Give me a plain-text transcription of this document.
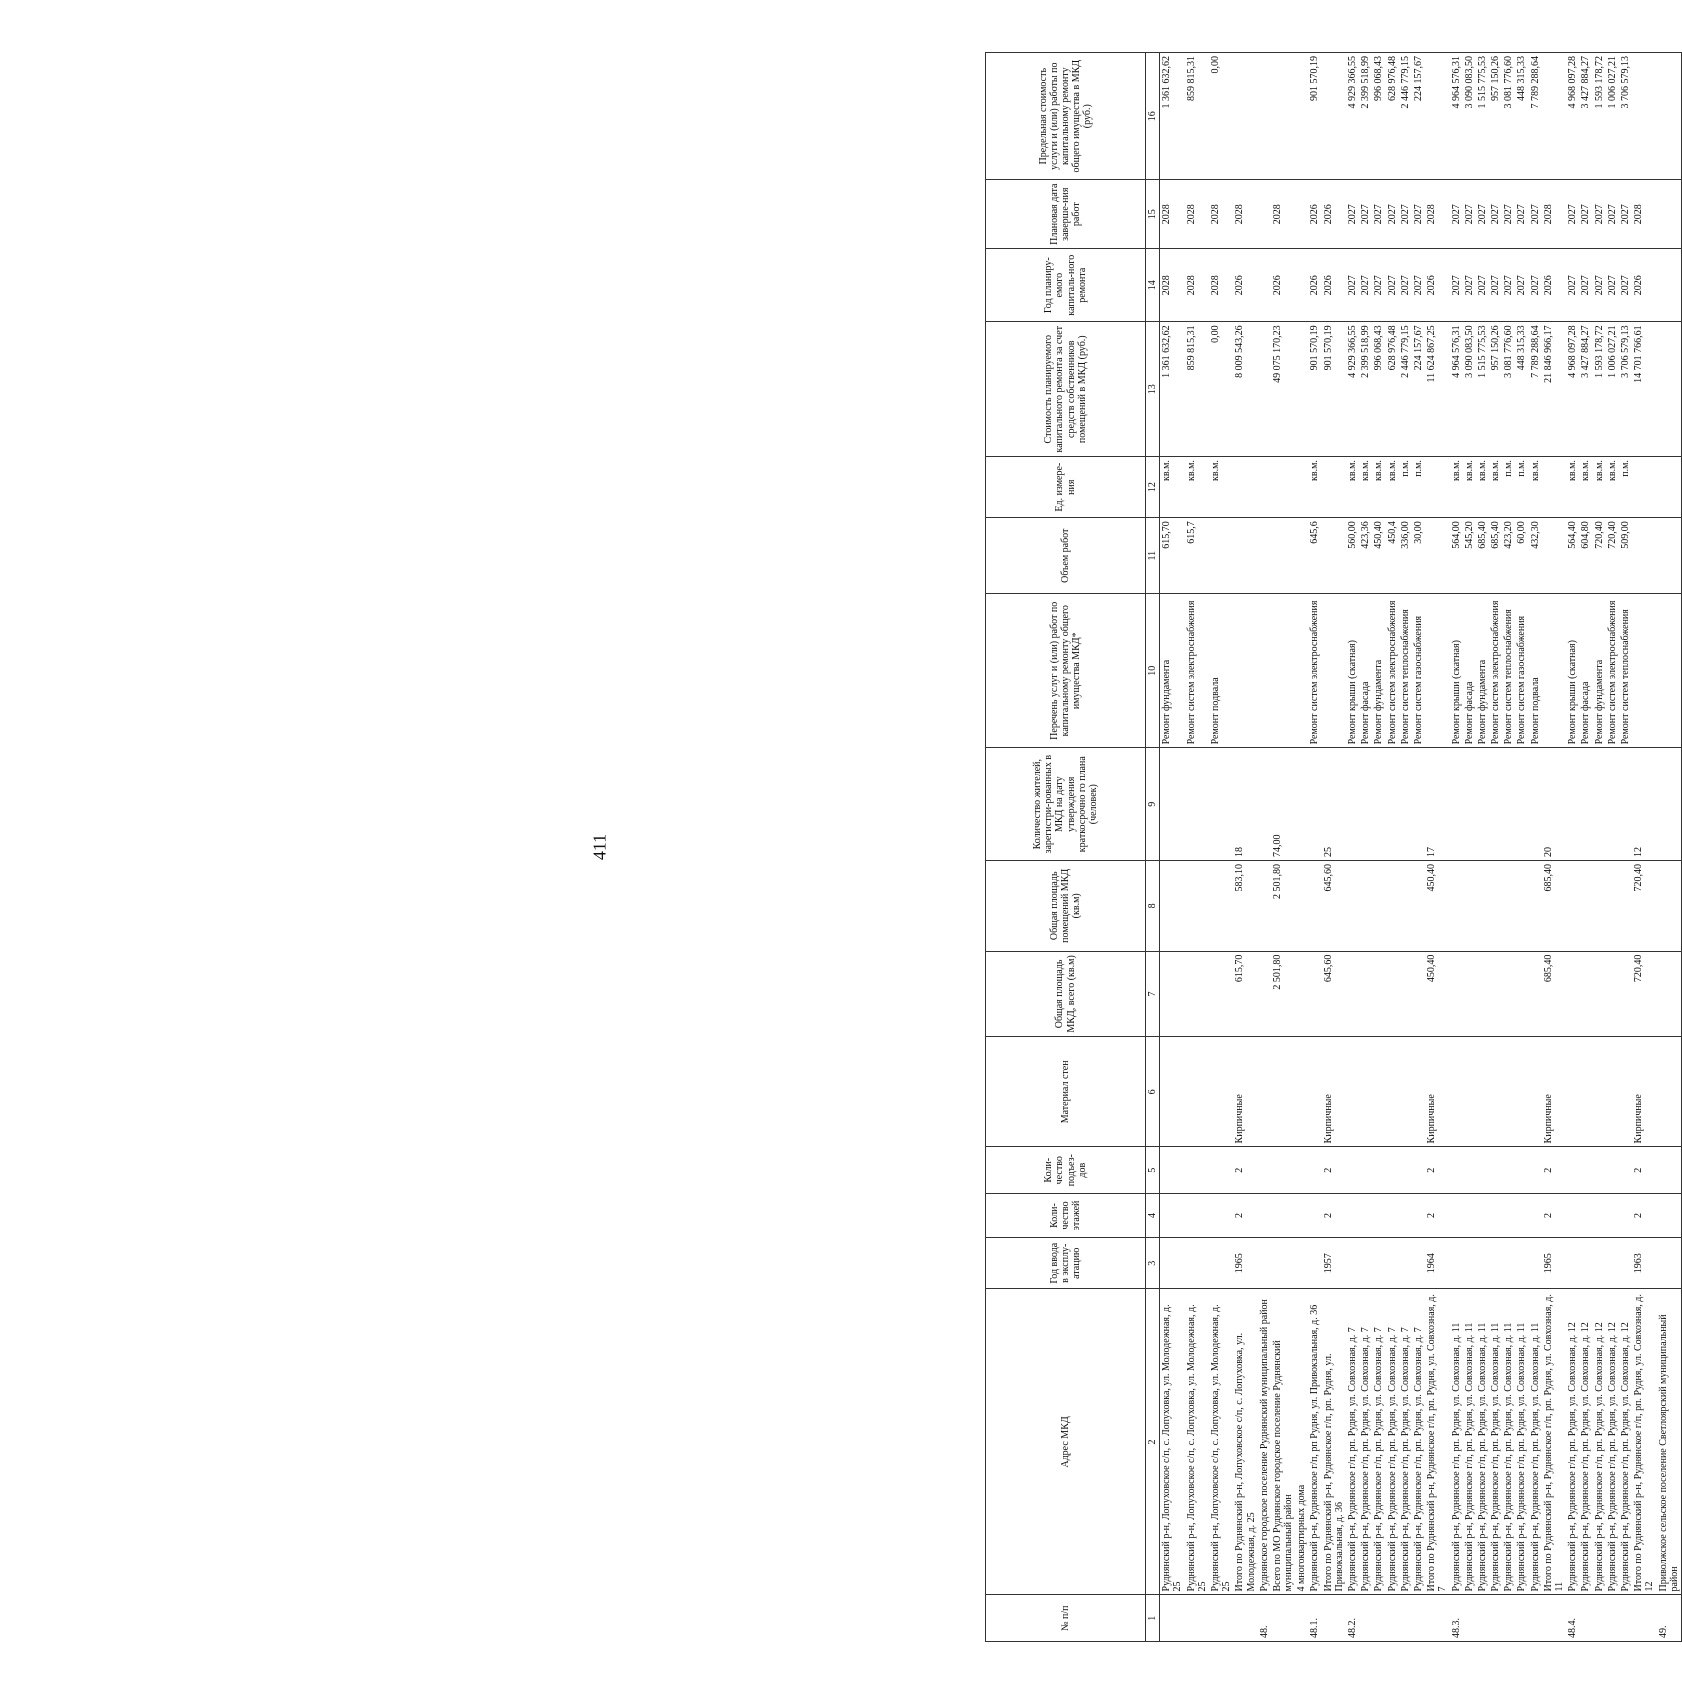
411
№ п/п	Адрес МКД	Год ввода в эксплу-атацию	Коли-чество этажей	Коли-чество подъез-дов	Материал стен	Общая площадь МКД, всего (кв.м)	Общая площадь помещений МКД (кв.м)	Количество жителей, зарегистри-рованных в МКД на дату утверждения краткосрочно го плана (человек)	Перечень услуг и (или) работ по капитальному ремонту общего имущества МКД*	Объем работ	Ед. измере-ния	Стоимость планируемого капитального ремонта за счет средств собственников помещений в МКД (руб.)	Год планиру-емого капиталь-ного ремонта	Плановая дата заверше-ния работ	Предельная стоимость услуги и (или) работы по капитальному ремонту общего имущества в МКД (руб.)
1	2	3	4	5	6	7	8	9	10	11	12	13	14	15	16
	Руднянский р-н, Лопуховское с/п, с. Лопуховка, ул. Молодежная, д. 25								Ремонт фундамента	615,70	кв.м.	1 361 632,62	2028	2028	1 361 632,62
	Руднянский р-н, Лопуховское с/п, с. Лопуховка, ул. Молодежная, д. 25								Ремонт систем электроснабжения	615,7	кв.м.	859 815,31	2028	2028	859 815,31
	Руднянский р-н, Лопуховское с/п, с. Лопуховка, ул. Молодежная, д. 25								Ремонт подвала		кв.м.	0,00	2028	2028	0,00
	Итого по Руднянский р-н, Лопуховское с/п, с. Лопуховка, ул. Молодежная, д. 25	1965	2	2	Кирпичные	615,70	583,10	18				8 009 543,26	2026	2028	
48.	Руднянское городское поселение Руднянский муниципальный район														
	Всего по МО Руднянское городское поселение Руднянский муниципальный район					2 501,80	2 501,80	74,00				49 075 170,23	2026	2028	
	4 многоквартирных дома														
48.1.	Руднянский р-н, Руднянское г/п, рп Рудня, ул. Привокзальная, д. 36								Ремонт систем электроснабжения	645,6	кв.м.	901 570,19	2026	2026	901 570,19
	Итого по Руднянский р-н, Руднянское г/п, рп. Рудня, ул. Привокзальная, д. 36	1957	2	2	Кирпичные	645,60	645,60	25				901 570,19	2026	2026	
48.2.	Руднянский р-н, Руднянское г/п, рп. Рудня, ул. Совхозная, д. 7								Ремонт крыши (скатная)	560,00	кв.м.	4 929 366,55	2027	2027	4 929 366,55
	Руднянский р-н, Руднянское г/п, рп. Рудня, ул. Совхозная, д. 7								Ремонт фасада	423,36	кв.м.	2 399 518,99	2027	2027	2 399 518,99
	Руднянский р-н, Руднянское г/п, рп. Рудня, ул. Совхозная, д. 7								Ремонт фундамента	450,40	кв.м.	996 068,43	2027	2027	996 068,43
	Руднянский р-н, Руднянское г/п, рп. Рудня, ул. Совхозная, д. 7								Ремонт систем электроснабжения	450,4	кв.м.	628 976,48	2027	2027	628 976,48
	Руднянский р-н, Руднянское г/п, рп. Рудня, ул. Совхозная, д. 7								Ремонт систем теплоснабжения	336,00	п.м.	2 446 779,15	2027	2027	2 446 779,15
	Руднянский р-н, Руднянское г/п, рп. Рудня, ул. Совхозная, д. 7								Ремонт систем газоснабжения	30,00	п.м.	224 157,67	2027	2027	224 157,67
	Итого по Руднянский р-н, Руднянское г/п, рп. Рудня, ул. Совхозная, д. 7	1964	2	2	Кирпичные	450,40	450,40	17				11 624 867,25	2026	2028	
48.3.	Руднянский р-н, Руднянское г/п, рп. Рудня, ул. Совхозная, д. 11								Ремонт крыши (скатная)	564,00	кв.м.	4 964 576,31	2027	2027	4 964 576,31
	Руднянский р-н, Руднянское г/п, рп. Рудня, ул. Совхозная, д. 11								Ремонт фасада	545,20	кв.м.	3 090 083,50	2027	2027	3 090 083,50
	Руднянский р-н, Руднянское г/п, рп. Рудня, ул. Совхозная, д. 11								Ремонт фундамента	685,40	кв.м.	1 515 775,53	2027	2027	1 515 775,53
	Руднянский р-н, Руднянское г/п, рп. Рудня, ул. Совхозная, д. 11								Ремонт систем электроснабжения	685,40	кв.м.	957 150,26	2027	2027	957 150,26
	Руднянский р-н, Руднянское г/п, рп. Рудня, ул. Совхозная, д. 11								Ремонт систем теплоснабжения	423,20	п.м.	3 081 776,60	2027	2027	3 081 776,60
	Руднянский р-н, Руднянское г/п, рп. Рудня, ул. Совхозная, д. 11								Ремонт систем газоснабжения	60,00	п.м.	448 315,33	2027	2027	448 315,33
	Руднянский р-н, Руднянское г/п, рп. Рудня, ул. Совхозная, д. 11								Ремонт подвала	432,30	кв.м.	7 789 288,64	2027	2027	7 789 288,64
	Итого по Руднянский р-н, Руднянское г/п, рп. Рудня, ул. Совхозная, д. 11	1965	2	2	Кирпичные	685,40	685,40	20				21 846 966,17	2026	2028	
48.4.	Руднянский р-н, Руднянское г/п, рп. Рудня, ул. Совхозная, д. 12								Ремонт крыши (скатная)	564,40	кв.м.	4 968 097,28	2027	2027	4 968 097,28
	Руднянский р-н, Руднянское г/п, рп. Рудня, ул. Совхозная, д. 12								Ремонт фасада	604,80	кв.м.	3 427 884,27	2027	2027	3 427 884,27
	Руднянский р-н, Руднянское г/п, рп. Рудня, ул. Совхозная, д. 12								Ремонт фундамента	720,40	кв.м.	1 593 178,72	2027	2027	1 593 178,72
	Руднянский р-н, Руднянское г/п, рп. Рудня, ул. Совхозная, д. 12								Ремонт систем электроснабжения	720,40	кв.м.	1 006 027,21	2027	2027	1 006 027,21
	Руднянский р-н, Руднянское г/п, рп. Рудня, ул. Совхозная, д. 12								Ремонт систем теплоснабжения	509,00	п.м.	3 706 579,13	2027	2027	3 706 579,13
	Итого по Руднянский р-н, Руднянское г/п, рп. Рудня, ул. Совхозная, д. 12	1963	2	2	Кирпичные	720,40	720,40	12				14 701 766,61	2026	2028	
49.	Приволжское сельское поселение Светлоярский муниципальный район														
